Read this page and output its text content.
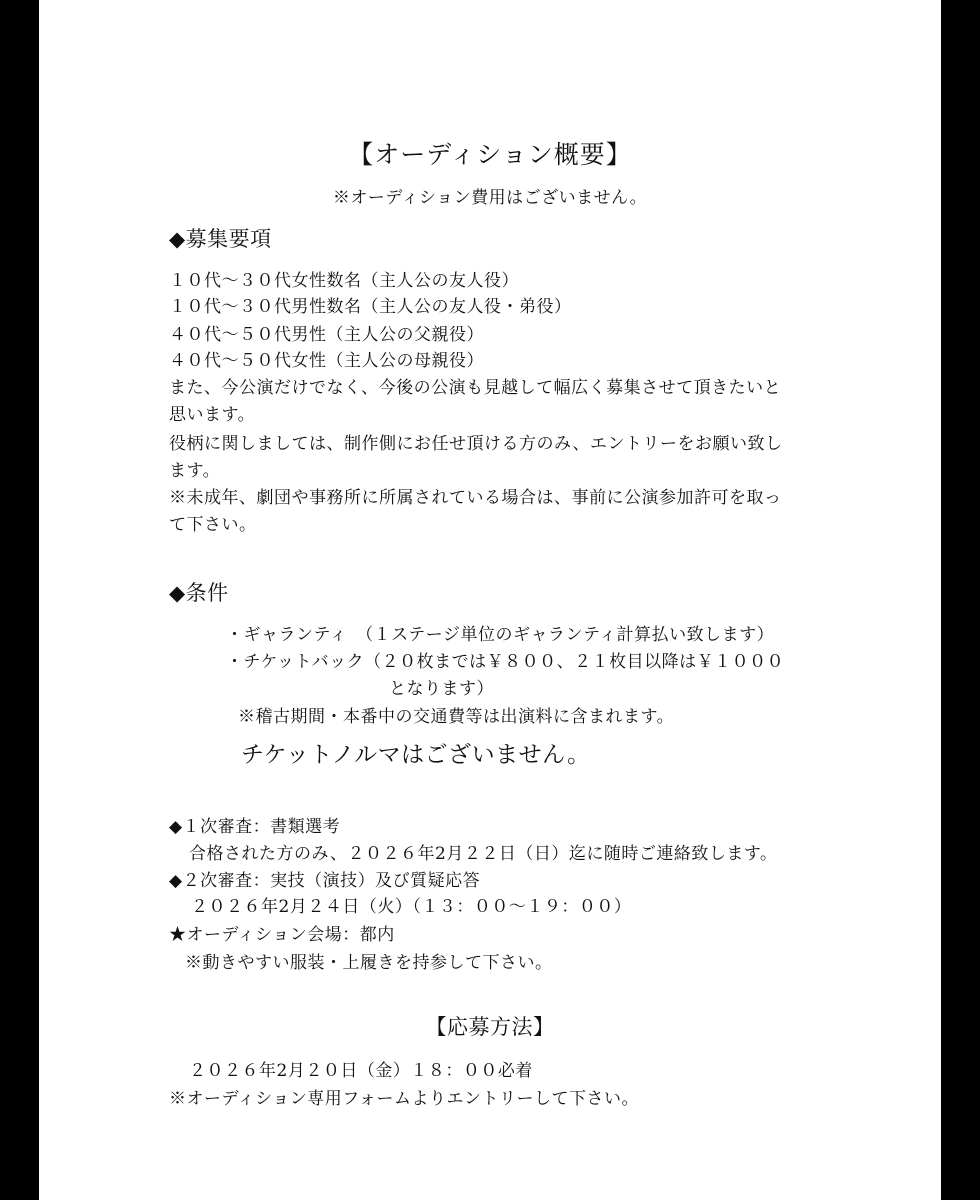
【オーディション概要】
※オーディション費用はございません。
◆募集要項
１０代～３０代女性数名（主人公の友人役）
１０代～３０代男性数名（主人公の友人役・弟役）
４０代～５０代男性（主人公の父親役）
４０代～５０代女性（主人公の母親役）
また、今公演だけでなく、今後の公演も見越して幅広く募集させて頂きたいと
思います。
役柄に関しましては、制作側にお任せ頂ける方のみ、エントリーをお願い致し
ます。
※未成年、劇団や事務所に所属されている場合は、事前に公演参加許可を取っ
て下さい。
◆条件
・ギャランティ　（１ステージ単位のギャランティ計算払い致します）
・チケットバック（２０枚までは￥８００、２１枚目以降は￥１０００
となります）
※稽古期間・本番中の交通費等は出演料に含まれます。
チケットノルマはございません。
◆１次審査：書類選考
合格された方のみ、２０２６年2月２２日（日）迄に随時ご連絡致します。
◆２次審査：実技（演技）及び質疑応答
２０２６年2月２４日（火）（１３：００～１９：００）
★オーディション会場：都内
※動きやすい服装・上履きを持参して下さい。
【応募方法】
２０２６年2月２０日（金）１８：００必着
※オーディション専用フォームよりエントリーして下さい。
